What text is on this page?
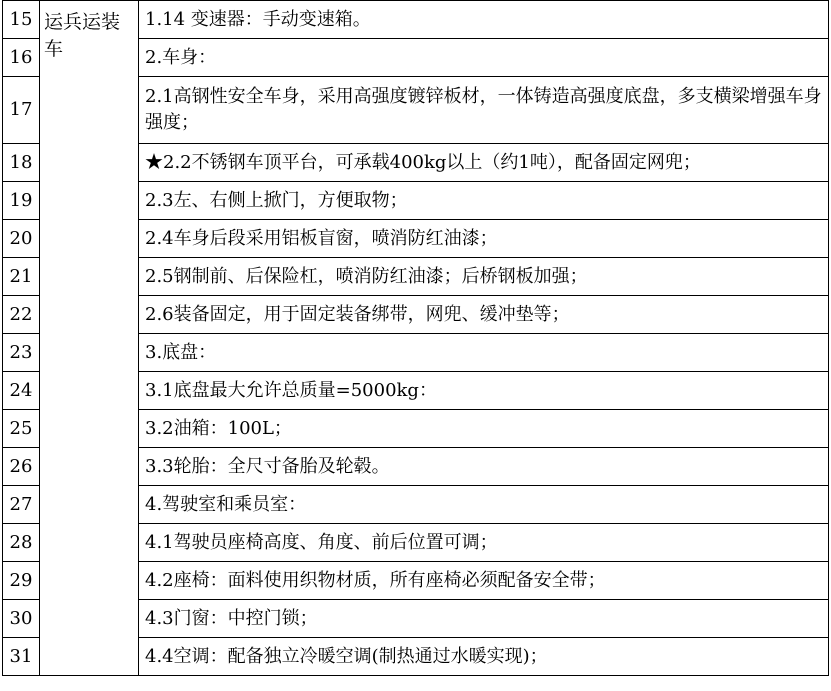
15	运兵运装车	1.14 变速器：手动变速箱。
16		2.车身：
17		2.1高钢性安全车身，采用高强度镀锌板材，一体铸造高强度底盘，多支横梁增强车身强度；
18		★2.2不锈钢车顶平台，可承载400kg以上（约1吨），配备固定网兜；
19		2.3左、右侧上掀门，方便取物；
20		2.4车身后段采用铝板盲窗，喷消防红油漆；
21		2.5钢制前、后保险杠，喷消防红油漆；后桥钢板加强；
22		2.6装备固定，用于固定装备绑带，网兜、缓冲垫等；
23		3.底盘：
24		3.1底盘最大允许总质量=5000kg：
25		3.2油箱：100L；
26		3.3轮胎：全尺寸备胎及轮毂。
27		4.驾驶室和乘员室：
28		4.1驾驶员座椅高度、角度、前后位置可调；
29		4.2座椅：面料使用织物材质，所有座椅必须配备安全带；
30		4.3门窗：中控门锁；
31		4.4空调：配备独立冷暖空调(制热通过水暖实现)；
